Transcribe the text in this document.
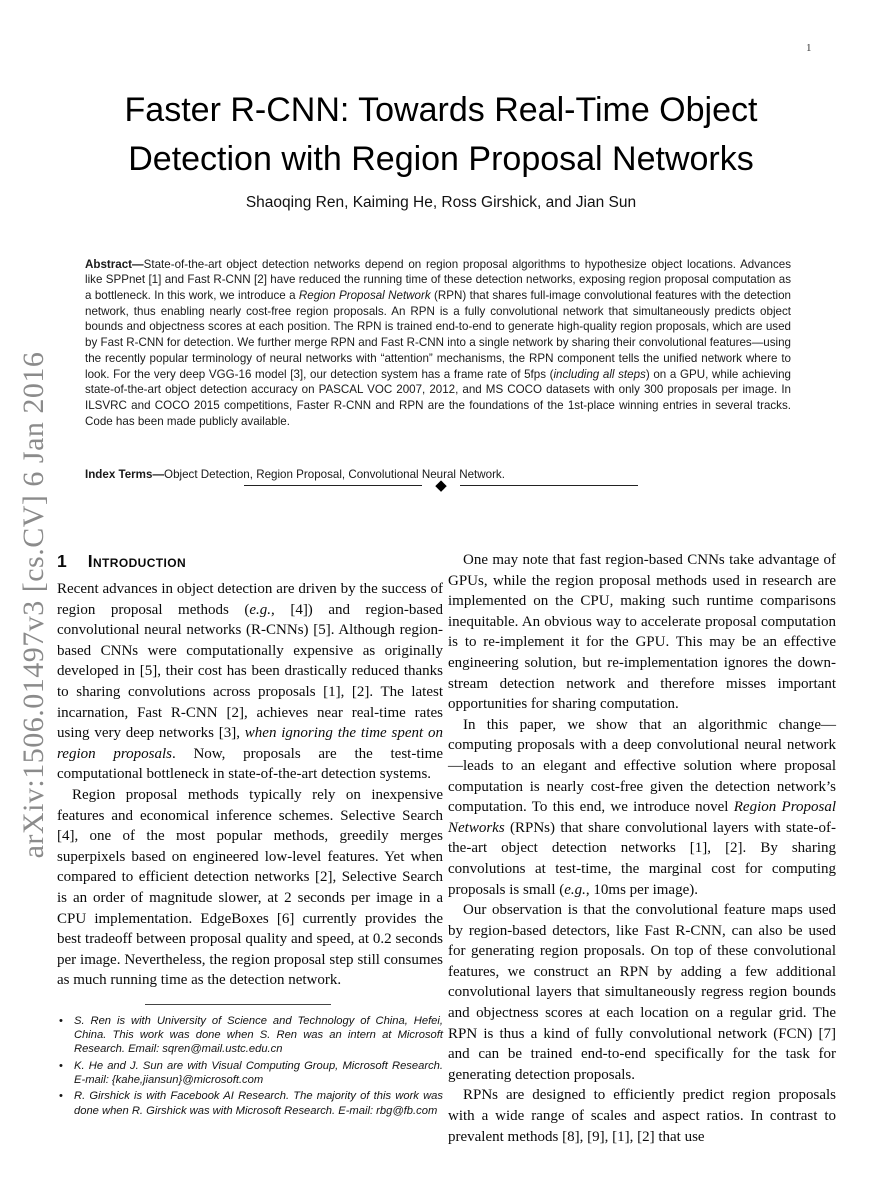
1
arXiv:1506.01497v3 [cs.CV] 6 Jan 2016
Faster R-CNN: Towards Real-Time Object
Detection with Region Proposal Networks
Shaoqing Ren, Kaiming He, Ross Girshick, and Jian Sun

Abstract—State-of-the-art object detection networks depend on region proposal algorithms to hypothesize object locations. Advances like SPPnet [1] and Fast R-CNN [2] have reduced the running time of these detection networks, exposing region proposal computation as a bottleneck. In this work, we introduce a Region Proposal Network (RPN) that shares full-image convolutional features with the detection network, thus enabling nearly cost-free region proposals. An RPN is a fully convolutional network that simultaneously predicts object bounds and objectness scores at each position. The RPN is trained end-to-end to generate high-quality region proposals, which are used by Fast R-CNN for detection. We further merge RPN and Fast R-CNN into a single network by sharing their convolutional features—using the recently popular terminology of neural networks with “attention” mechanisms, the RPN component tells the unified network where to look. For the very deep VGG-16 model [3], our detection system has a frame rate of 5fps (including all steps) on a GPU, while achieving state-of-the-art object detection accuracy on PASCAL VOC 2007, 2012, and MS COCO datasets with only 300 proposals per image. In ILSVRC and COCO 2015 competitions, Faster R-CNN and RPN are the foundations of the 1st-place winning entries in several tracks. Code has been made publicly available.

Index Terms—Object Detection, Region Proposal, Convolutional Neural Network.

◆
1 Introduction

Recent advances in object detection are driven by the success of region proposal methods (e.g., [4]) and region-based convolutional neural networks (R-CNNs) [5]. Although region-based CNNs were computationally expensive as originally developed in [5], their cost has been drastically reduced thanks to sharing convolutions across proposals [1], [2]. The latest incarnation, Fast R-CNN [2], achieves near real-time rates using very deep networks [3], when ignoring the time spent on region proposals. Now, proposals are the test-time computational bottleneck in state-of-the-art detection systems.

Region proposal methods typically rely on inexpensive features and economical inference schemes. Selective Search [4], one of the most popular methods, greedily merges superpixels based on engineered low-level features. Yet when compared to efficient detection networks [2], Selective Search is an order of magnitude slower, at 2 seconds per image in a CPU implementation. EdgeBoxes [6] currently provides the best tradeoff between proposal quality and speed, at 0.2 seconds per image. Nevertheless, the region proposal step still consumes as much running time as the detection network.

• S. Ren is with University of Science and Technology of China, Hefei, China. This work was done when S. Ren was an intern at Microsoft Research. Email: sqren@mail.ustc.edu.cn
• K. He and J. Sun are with Visual Computing Group, Microsoft Research. E-mail: {kahe,jiansun}@microsoft.com
• R. Girshick is with Facebook AI Research. The majority of this work was done when R. Girshick was with Microsoft Research. E-mail: rbg@fb.com

One may note that fast region-based CNNs take advantage of GPUs, while the region proposal methods used in research are implemented on the CPU, making such runtime comparisons inequitable. An obvious way to accelerate proposal computation is to re-implement it for the GPU. This may be an effective engineering solution, but re-implementation ignores the down-stream detection network and therefore misses important opportunities for sharing computation.

In this paper, we show that an algorithmic change—computing proposals with a deep convolutional neural network—leads to an elegant and effective solution where proposal computation is nearly cost-free given the detection network’s computation. To this end, we introduce novel Region Proposal Networks (RPNs) that share convolutional layers with state-of-the-art object detection networks [1], [2]. By sharing convolutions at test-time, the marginal cost for computing proposals is small (e.g., 10ms per image).

Our observation is that the convolutional feature maps used by region-based detectors, like Fast R-CNN, can also be used for generating region proposals. On top of these convolutional features, we construct an RPN by adding a few additional convolutional layers that simultaneously regress region bounds and objectness scores at each location on a regular grid. The RPN is thus a kind of fully convolutional network (FCN) [7] and can be trained end-to-end specifically for the task for generating detection proposals.

RPNs are designed to efficiently predict region proposals with a wide range of scales and aspect ratios. In contrast to prevalent methods [8], [9], [1], [2] that use
